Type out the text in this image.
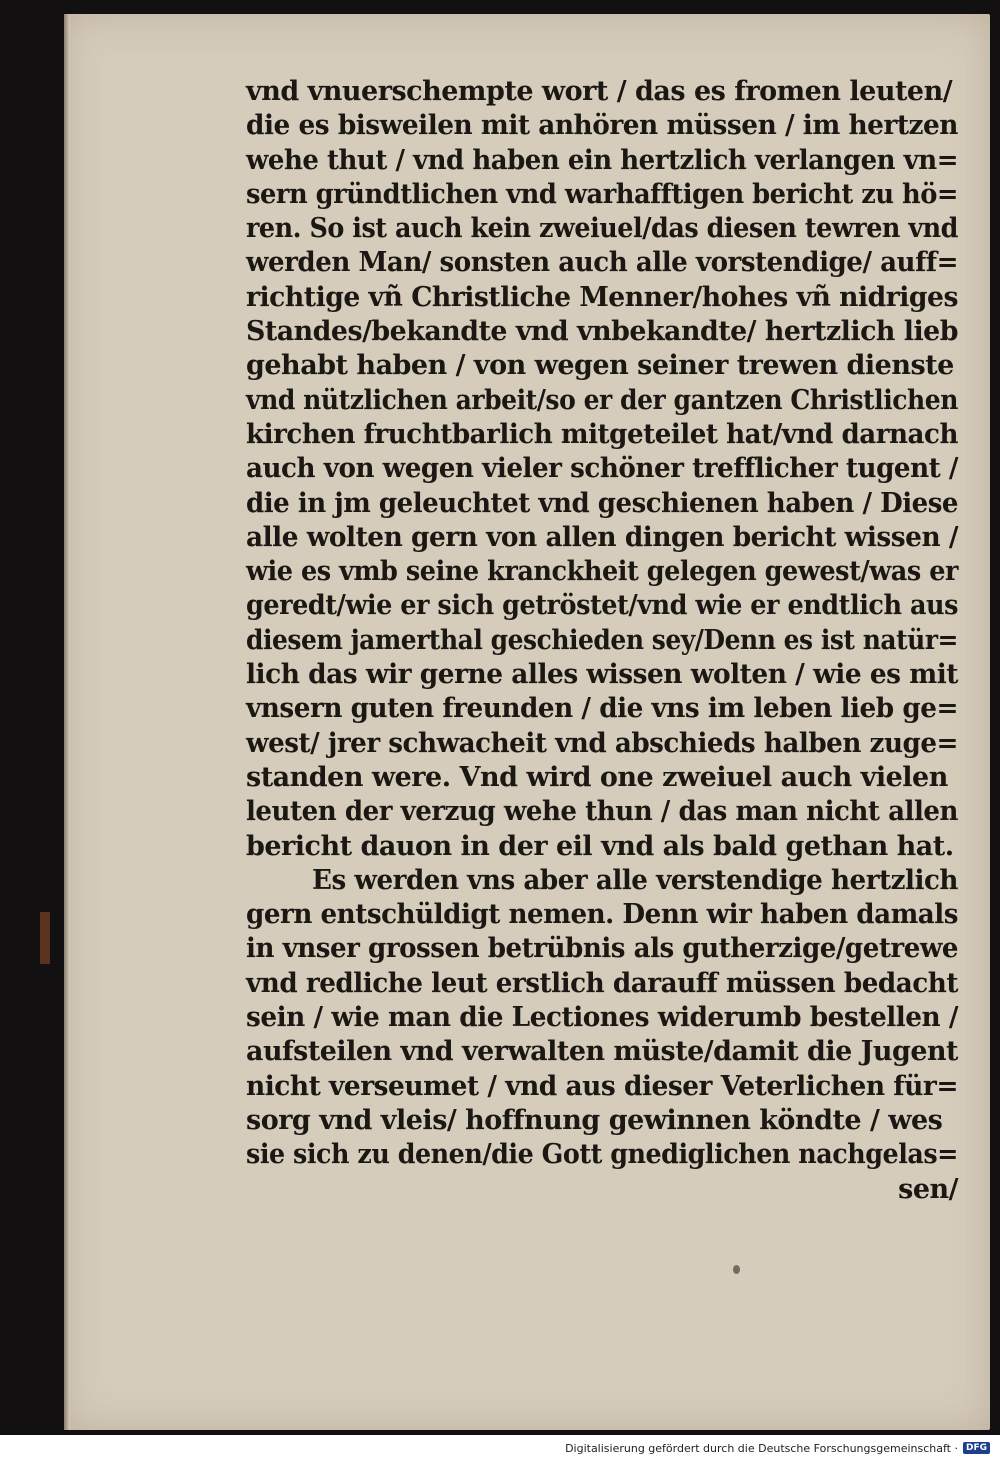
vnd vnuerschempte wort / das es fromen leuten/
die es bisweilen mit anhören müssen / im hertzen
wehe thut / vnd haben ein hertzlich verlangen vn=
sern gründtlichen vnd warhafftigen bericht zu hö=
ren. So ist auch kein zweiuel/das diesen tewren vnd
werden Man/ sonsten auch alle vorstendige/ auff=
richtige vñ Christliche Menner/hohes vñ nidriges
Standes/bekandte vnd vnbekandte/ hertzlich lieb
gehabt haben / von wegen seiner trewen dienste
vnd nützlichen arbeit/so er der gantzen Christlichen
kirchen fruchtbarlich mitgeteilet hat/vnd darnach
auch von wegen vieler schöner trefflicher tugent /
die in jm geleuchtet vnd geschienen haben / Diese
alle wolten gern von allen dingen bericht wissen /
wie es vmb seine kranckheit gelegen gewest/was er
geredt/wie er sich getröstet/vnd wie er endtlich aus
diesem jamerthal geschieden sey/Denn es ist natür=
lich das wir gerne alles wissen wolten / wie es mit
vnsern guten freunden / die vns im leben lieb ge=
west/ jrer schwacheit vnd abschieds halben zuge=
standen were. Vnd wird one zweiuel auch vielen
leuten der verzug wehe thun / das man nicht allen
bericht dauon in der eil vnd als bald gethan hat.
Es werden vns aber alle verstendige hertzlich
gern entschüldigt nemen. Denn wir haben damals
in vnser grossen betrübnis als gutherzige/getrewe
vnd redliche leut erstlich darauff müssen bedacht
sein / wie man die Lectiones widerumb bestellen /
aufsteilen vnd verwalten müste/damit die Jugent
nicht verseumet / vnd aus dieser Veterlichen für=
sorg vnd vleis/ hoffnung gewinnen köndte / wes
sie sich zu denen/die Gott gnediglichen nachgelas=
sen/
Digitalisierung gefördert durch die Deutsche Forschungsgemeinschaft · DFG
